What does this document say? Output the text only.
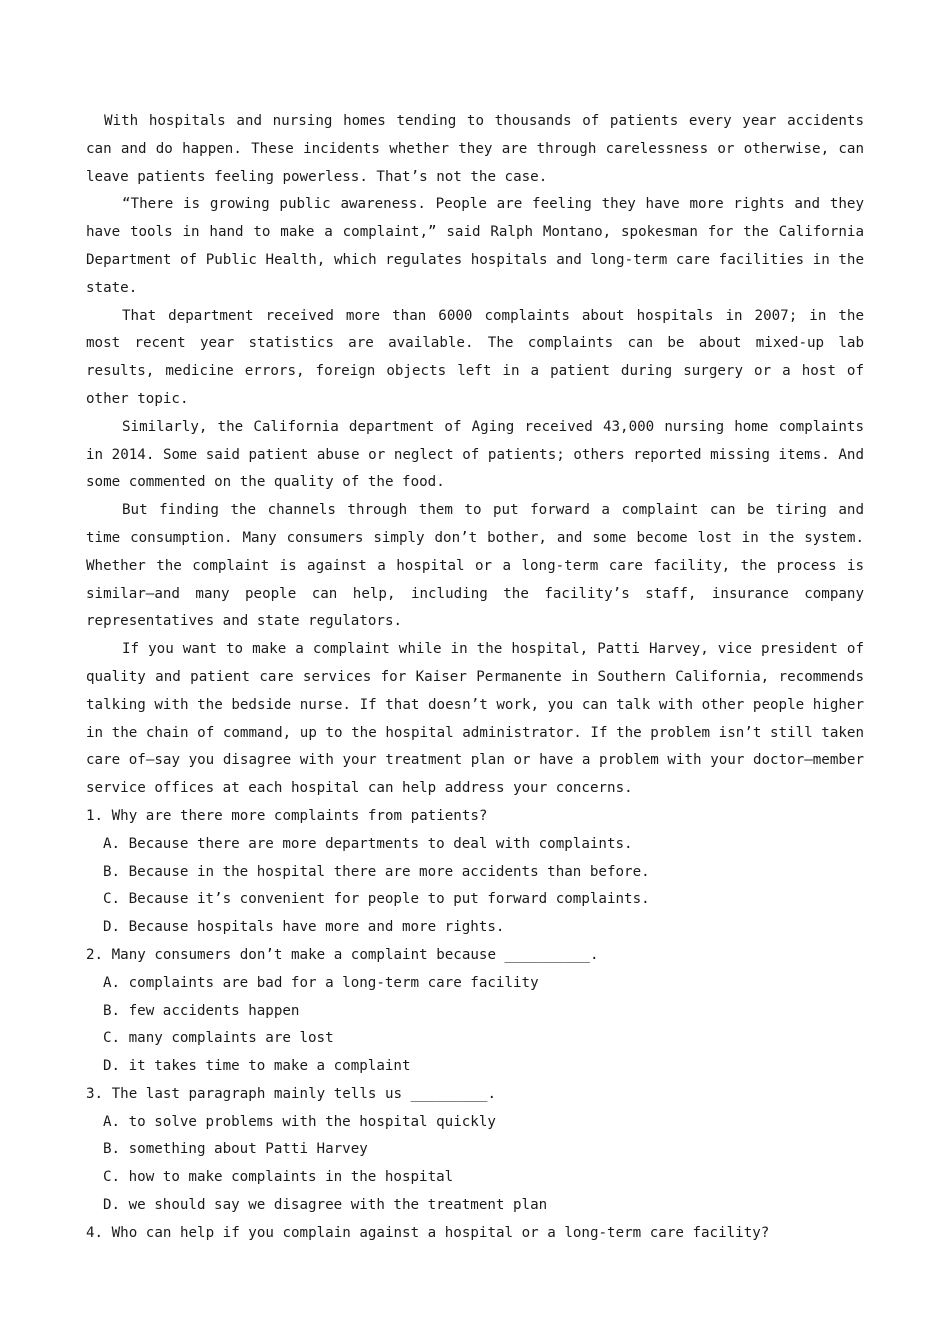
With hospitals and nursing homes tending to thousands of patients every year accidents can and do happen. These incidents whether they are through carelessness or otherwise, can leave patients feeling powerless. That’s not the case.

“There is growing public awareness. People are feeling they have more rights and they have tools in hand to make a complaint,” said Ralph Montano, spokesman for the California Department of Public Health, which regulates hospitals and long-term care facilities in the state.

That department received more than 6000 complaints about hospitals in 2007; in the most recent year statistics are available. The complaints can be about mixed-up lab results, medicine errors, foreign objects left in a patient during surgery or a host of other topic.

Similarly, the California department of Aging received 43,000 nursing home complaints in 2014. Some said patient abuse or neglect of patients; others reported missing items. And some commented on the quality of the food.

But finding the channels through them to put forward a complaint can be tiring and time consumption. Many consumers simply don’t bother, and some become lost in the system. Whether the complaint is against a hospital or a long-term care facility, the process is similar—and many people can help, including the facility’s staff, insurance company representatives and state regulators.

If you want to make a complaint while in the hospital, Patti Harvey, vice president of quality and patient care services for Kaiser Permanente in Southern California, recommends talking with the bedside nurse. If that doesn’t work, you can talk with other people higher in the chain of command, up to the hospital administrator. If the problem isn’t still taken care of—say you disagree with your treatment plan or have a problem with your doctor—member service offices at each hospital can help address your concerns.

1. Why are there more complaints from patients?

A. Because there are more departments to deal with complaints.

B. Because in the hospital there are more accidents than before.

C. Because it’s convenient for people to put forward complaints.

D. Because hospitals have more and more rights.

2. Many consumers don’t make a complaint because __________.

A. complaints are bad for a long-term care facility

B. few accidents happen

C. many complaints are lost

D. it takes time to make a complaint

3. The last paragraph mainly tells us _________.

A. to solve problems with the hospital quickly

B. something about Patti Harvey

C. how to make complaints in the hospital

D. we should say we disagree with the treatment plan

4. Who can help if you complain against a hospital or a long-term care facility?
